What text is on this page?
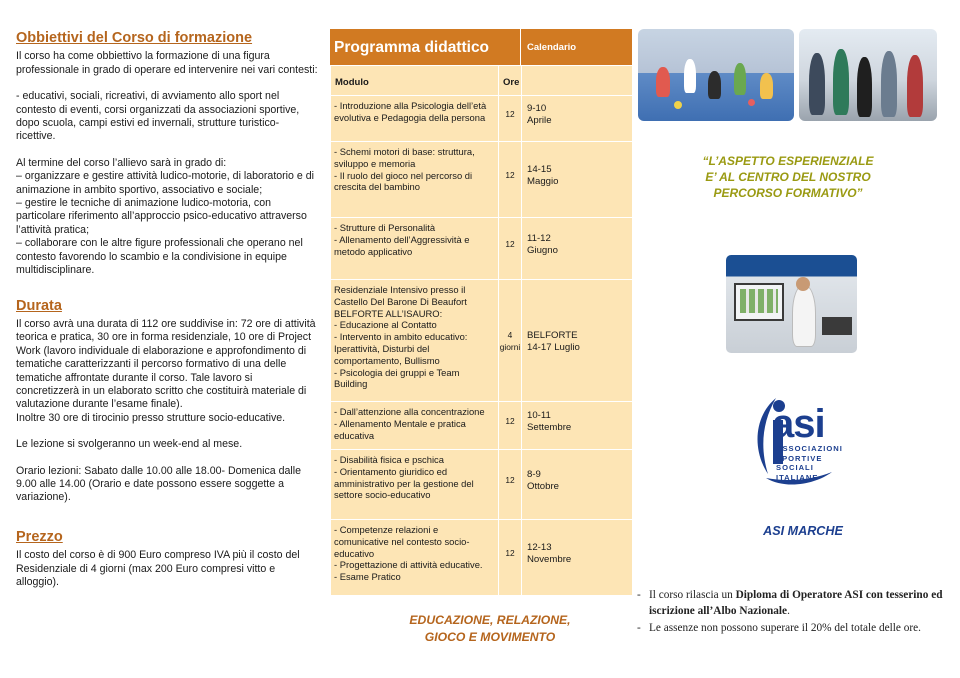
Obbiettivi del Corso di formazione

Il corso ha come obbiettivo la formazione di una figura professionale in grado di operare ed intervenire nei vari contesti:

- educativi, sociali, ricreativi, di avviamento allo sport nel contesto di eventi, corsi organizzati da associazioni sportive, dopo scuola, campi estivi ed invernali, strutture turistico-ricettive.

Al termine del corso l’allievo sarà in grado di:

– organizzare e gestire attività ludico-motorie, di laboratorio e di animazione in ambito sportivo, associativo e sociale;

– gestire le tecniche di animazione ludico-motoria, con particolare riferimento all’approccio psico-educativo attraverso l’attività pratica;

– collaborare con le altre figure professionali che operano nel contesto favorendo lo scambio e la condivisione in equipe multidisciplinare.

Durata

Il corso avrà una durata di 112 ore suddivise in: 72 ore di attività teorica e pratica, 30 ore in forma residenziale, 10 ore di Project Work (lavoro individuale di elaborazione e approfondimento di tematiche caratterizzanti il percorso formativo di una delle tematiche affrontate durante il corso. Tale lavoro si concretizzerà in un elaborato scritto che costituirà materiale di valutazione durante l’esame finale).

Inoltre 30 ore di tirocinio presso strutture socio-educative.

Le lezione si svolgeranno un week-end al mese.

Orario lezioni: Sabato dalle 10.00 alle 18.00- Domenica dalle 9.00 alle 14.00 (Orario e date possono essere soggette a variazione).

Prezzo

Il costo del corso è di 900 Euro compreso IVA più il costo del Residenziale di 4 giorni (max 200 Euro compresi vitto e alloggio).

Programma didattico	Calendario
Modulo	Ore	

- Introduzione alla Psicologia dell’età evolutiva e Pedagogia della persona	12	9-10
Aprile

- Schemi motori di base: struttura, sviluppo e memoria
- Il ruolo del gioco nel percorso di crescita del bambino	12	14-15
Maggio

- Strutture di Personalità
- Allenamento dell’Aggressività e metodo applicativo	12	11-12
Giugno

Residenziale Intensivo presso il Castello Del Barone Di Beaufort BELFORTE ALL’ISAURO:
- Educazione al Contatto
- Intervento in ambito educativo: Iperattività, Disturbi del comportamento, Bullismo
- Psicologia dei gruppi e Team Building	4 giorni	BELFORTE
14-17 Luglio

- Dall’attenzione alla concentrazione
- Allenamento Mentale e pratica educativa	12	10-11
Settembre

- Disabilità fisica e pschica
- Orientamento giuridico ed amministrativo per la gestione del settore socio-educativo	12	8-9
Ottobre

- Competenze relazioni e comunicative nel contesto socio-educativo
- Progettazione di attività educative.
- Esame Pratico	12	12-13
Novembre
EDUCAZIONE, RELAZIONE,
GIOCO E MOVIMENTO
“L’ASPETTO ESPERIENZIALE
E’ AL CENTRO DEL NOSTRO
PERCORSO FORMATIVO”
asi
ASSOCIAZIONI
SPORTIVE
SOCIALI
ITALIANE
ASI MARCHE
- Il corso rilascia un Diploma di Operatore ASI con tesserino ed iscrizione all’Albo Nazionale.
- Le assenze non possono superare il 20% del totale delle ore.
